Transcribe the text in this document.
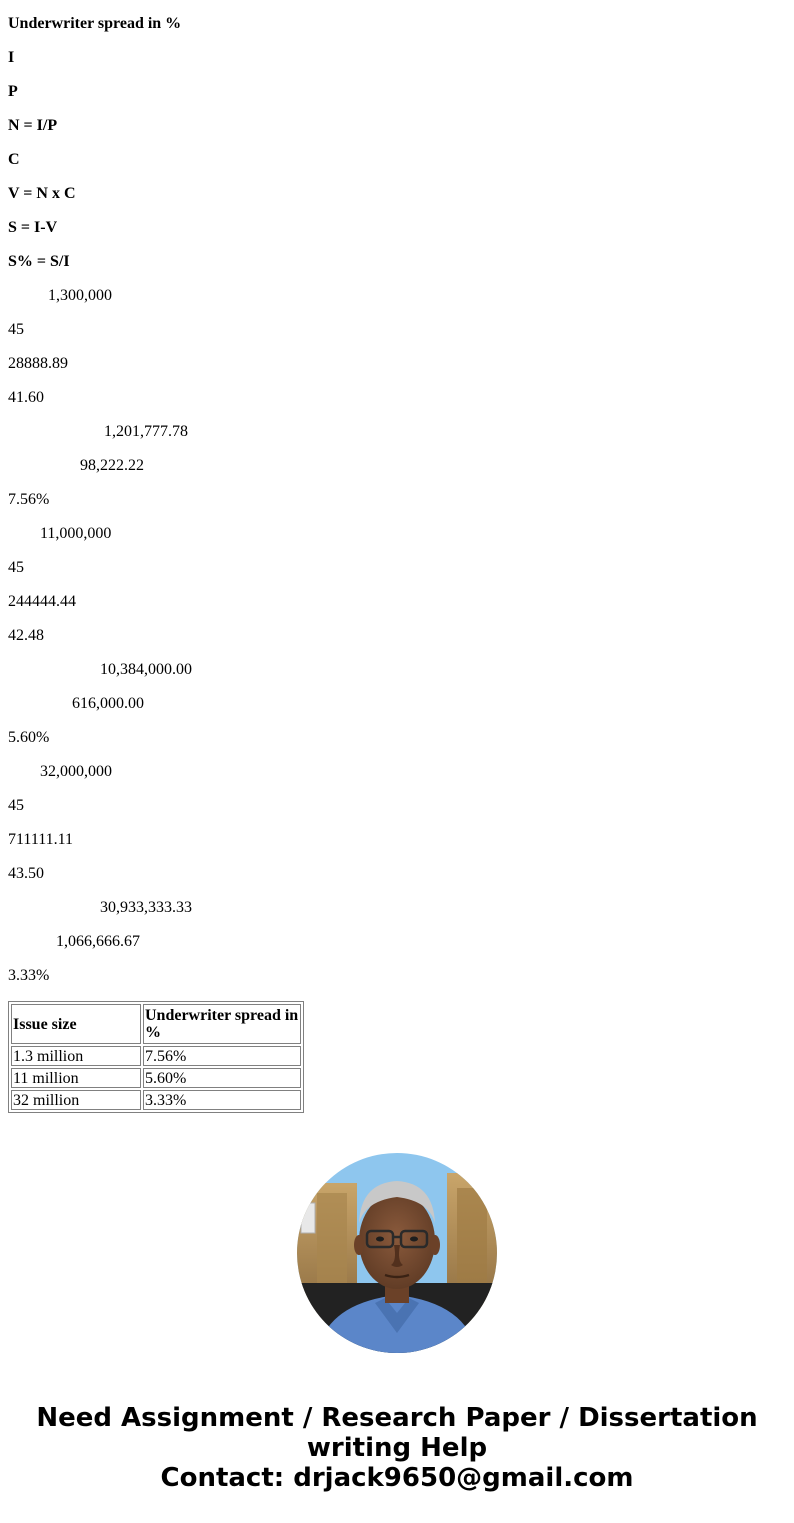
Underwriter spread in %
I
P
N = I/P
C
V = N x C
S = I-V
S% = S/I
1,300,000
45
28888.89
41.60
1,201,777.78
98,222.22
7.56%
11,000,000
45
244444.44
42.48
10,384,000.00
616,000.00
5.60%
32,000,000
45
711111.11
43.50
30,933,333.33
1,066,666.67
3.33%
Issue size	Underwriter spread in %
1.3 million	7.56%
11 million	5.60%
32 million	3.33%
Need Assignment / Research Paper / Dissertation
writing Help
Contact: drjack9650@gmail.com
